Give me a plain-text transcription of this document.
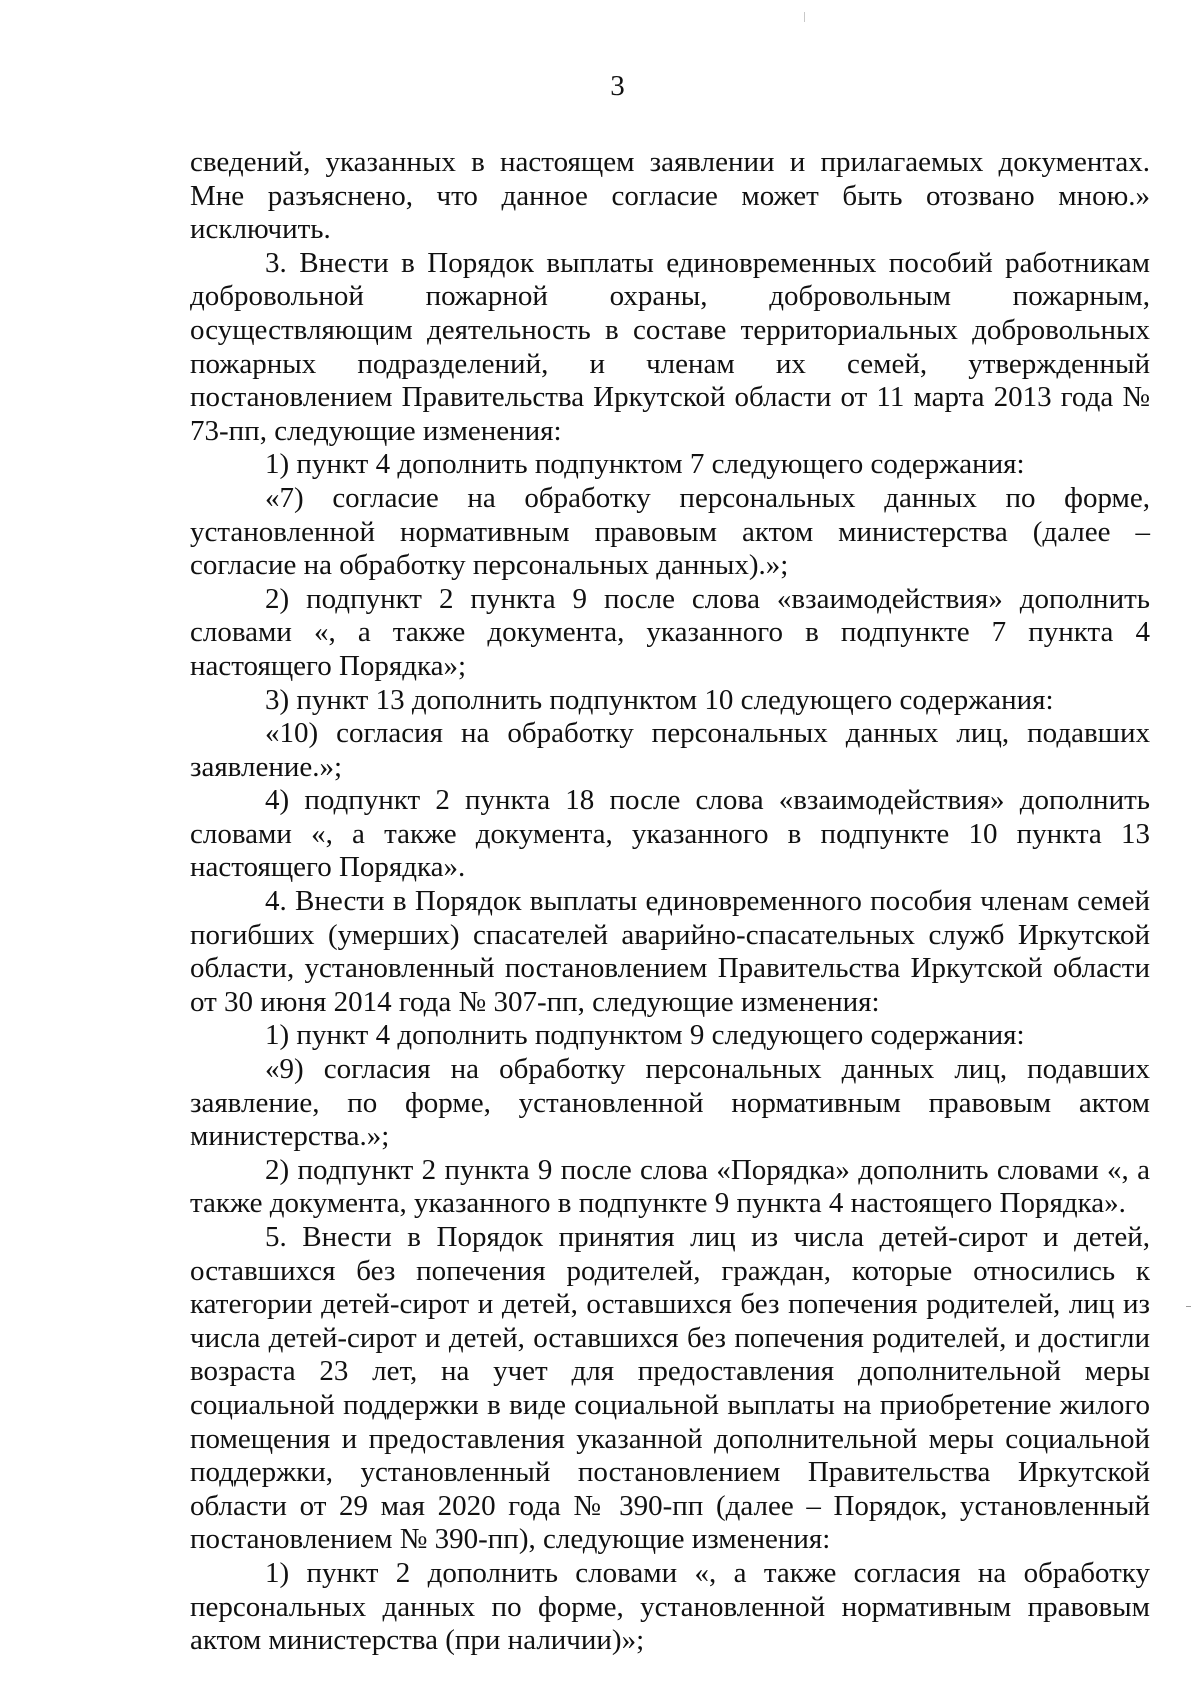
3

сведений, указанных в настоящем заявлении и прилагаемых документах. Мне разъяснено, что данное согласие может быть отозвано мною.» исключить.

3. Внести в Порядок выплаты единовременных пособий работникам добровольной пожарной охраны, добровольным пожарным, осуществляющим деятельность в составе территориальных добровольных пожарных подразделений, и членам их семей, утвержденный постановлением Правительства Иркутской области от 11 марта 2013 года № 73-пп, следующие изменения:

1) пункт 4 дополнить подпунктом 7 следующего содержания:

«7) согласие на обработку персональных данных по форме, установленной нормативным правовым актом министерства (далее – согласие на обработку персональных данных).»;

2) подпункт 2 пункта 9 после слова «взаимодействия» дополнить словами «, а также документа, указанного в подпункте 7 пункта 4 настоящего Порядка»;

3) пункт 13 дополнить подпунктом 10 следующего содержания:

«10) согласия на обработку персональных данных лиц, подавших заявление.»;

4) подпункт 2 пункта 18 после слова «взаимодействия» дополнить словами «, а также документа, указанного в подпункте 10 пункта 13 настоящего Порядка».

4. Внести в Порядок выплаты единовременного пособия членам семей погибших (умерших) спасателей аварийно-спасательных служб Иркутской области, установленный постановлением Правительства Иркутской области от 30 июня 2014 года № 307-пп, следующие изменения:

1) пункт 4 дополнить подпунктом 9 следующего содержания:

«9) согласия на обработку персональных данных лиц, подавших заявление, по форме, установленной нормативным правовым актом министерства.»;

2) подпункт 2 пункта 9 после слова «Порядка» дополнить словами «, а также документа, указанного в подпункте 9 пункта 4 настоящего Порядка».

5. Внести в Порядок принятия лиц из числа детей-сирот и детей, оставшихся без попечения родителей, граждан, которые относились к категории детей-сирот и детей, оставшихся без попечения родителей, лиц из числа детей-сирот и детей, оставшихся без попечения родителей, и достигли возраста 23 лет, на учет для предоставления дополнительной меры социальной поддержки в виде социальной выплаты на приобретение жилого помещения и предоставления указанной дополнительной меры социальной поддержки, установленный постановлением Правительства Иркутской области от 29 мая 2020 года № 390-пп (далее – Порядок, установленный постановлением № 390-пп), следующие изменения:

1) пункт 2 дополнить словами «, а также согласия на обработку персональных данных по форме, установленной нормативным правовым актом министерства (при наличии)»;
